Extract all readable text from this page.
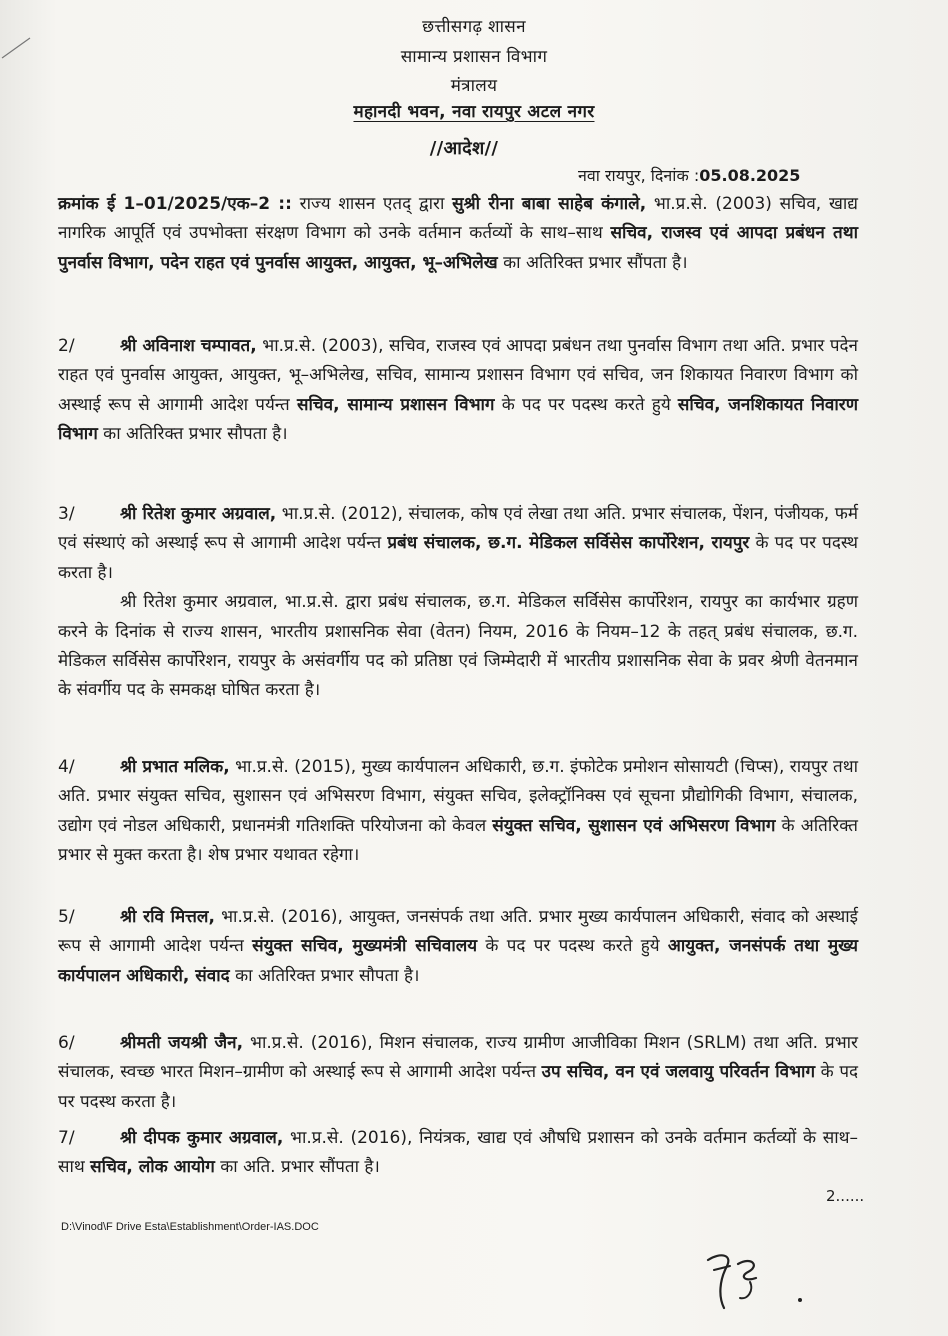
छत्तीसगढ़ शासन
सामान्य प्रशासन विभाग
मंत्रालय
महानदी भवन, नवा रायपुर अटल नगर
//आदेश//
नवा रायपुर, दिनांक :05.08.2025

क्रमांक ई 1–01/2025/एक–2 :: राज्य शासन एतद् द्वारा सुश्री रीना बाबा साहेब कंगाले, भा.प्र.से. (2003) सचिव, खाद्य नागरिक आपूर्ति एवं उपभोक्ता संरक्षण विभाग को उनके वर्तमान कर्तव्यों के साथ–साथ सचिव, राजस्व एवं आपदा प्रबंधन तथा पुनर्वास विभाग, पदेन राहत एवं पुनर्वास आयुक्त, आयुक्त, भू–अभिलेख का अतिरिक्त प्रभार सौंपता है।

2/	श्री अविनाश चम्पावत, भा.प्र.से. (2003), सचिव, राजस्व एवं आपदा प्रबंधन तथा पुनर्वास विभाग तथा अति. प्रभार पदेन राहत एवं पुनर्वास आयुक्त, आयुक्त, भू–अभिलेख, सचिव, सामान्य प्रशासन विभाग एवं सचिव, जन शिकायत निवारण विभाग को अस्थाई रूप से आगामी आदेश पर्यन्त सचिव, सामान्य प्रशासन विभाग के पद पर पदस्थ करते हुये सचिव, जनशिकायत निवारण विभाग का अतिरिक्त प्रभार सौपता है।

3/	श्री रितेश कुमार अग्रवाल, भा.प्र.से. (2012), संचालक, कोष एवं लेखा तथा अति. प्रभार संचालक, पेंशन, पंजीयक, फर्म एवं संस्थाएं को अस्थाई रूप से आगामी आदेश पर्यन्त प्रबंध संचालक, छ.ग. मेडिकल सर्विसेस कार्पोरेशन, रायपुर के पद पर पदस्थ करता है।

श्री रितेश कुमार अग्रवाल, भा.प्र.से. द्वारा प्रबंध संचालक, छ.ग. मेडिकल सर्विसेस कार्पोरेशन, रायपुर का कार्यभार ग्रहण करने के दिनांक से राज्य शासन, भारतीय प्रशासनिक सेवा (वेतन) नियम, 2016 के नियम–12 के तहत् प्रबंध संचालक, छ.ग. मेडिकल सर्विसेस कार्पोरेशन, रायपुर के असंवर्गीय पद को प्रतिष्ठा एवं जिम्मेदारी में भारतीय प्रशासनिक सेवा के प्रवर श्रेणी वेतनमान के संवर्गीय पद के समकक्ष घोषित करता है।

4/	श्री प्रभात मलिक, भा.प्र.से. (2015), मुख्य कार्यपालन अधिकारी, छ.ग. इंफोटेक प्रमोशन सोसायटी (चिप्स), रायपुर तथा अति. प्रभार संयुक्त सचिव, सुशासन एवं अभिसरण विभाग, संयुक्त सचिव, इलेक्ट्रॉनिक्स एवं सूचना प्रौद्योगिकी विभाग, संचालक, उद्योग एवं नोडल अधिकारी, प्रधानमंत्री गतिशक्ति परियोजना को केवल संयुक्त सचिव, सुशासन एवं अभिसरण विभाग के अतिरिक्त प्रभार से मुक्त करता है। शेष प्रभार यथावत रहेगा।

5/	श्री रवि मित्तल, भा.प्र.से. (2016), आयुक्त, जनसंपर्क तथा अति. प्रभार मुख्य कार्यपालन अधिकारी, संवाद को अस्थाई रूप से आगामी आदेश पर्यन्त संयुक्त सचिव, मुख्यमंत्री सचिवालय के पद पर पदस्थ करते हुये आयुक्त, जनसंपर्क तथा मुख्य कार्यपालन अधिकारी, संवाद का अतिरिक्त प्रभार सौपता है।

6/	श्रीमती जयश्री जैन, भा.प्र.से. (2016), मिशन संचालक, राज्य ग्रामीण आजीविका मिशन (SRLM) तथा अति. प्रभार संचालक, स्वच्छ भारत मिशन–ग्रामीण को अस्थाई रूप से आगामी आदेश पर्यन्त उप सचिव, वन एवं जलवायु परिवर्तन विभाग के पद पर पदस्थ करता है।

7/	श्री दीपक कुमार अग्रवाल, भा.प्र.से. (2016), नियंत्रक, खाद्य एवं औषधि प्रशासन को उनके वर्तमान कर्तव्यों के साथ–साथ सचिव, लोक आयोग का अति. प्रभार सौंपता है।

2......
D:\Vinod\F Drive Esta\Establishment\Order-IAS.DOC
